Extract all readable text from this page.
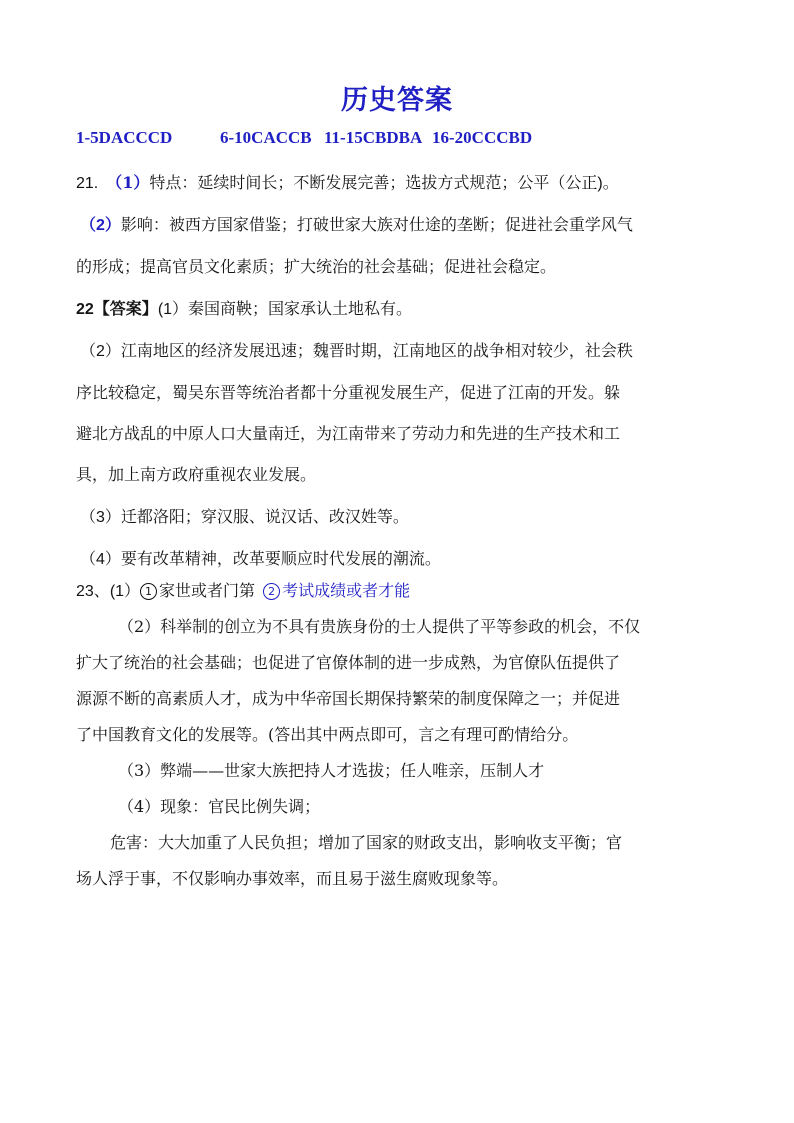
历史答案
1-5DACCCD	6-10CACCB 11-15CBDBA 16-20CCCBD
21. （1）特点：延续时间长；不断发展完善；选拔方式规范；公平（公正)。
（2）影响：被西方国家借鉴；打破世家大族对仕途的垄断；促进社会重学风气
的形成；提高官员文化素质；扩大统治的社会基础；促进社会稳定。
22【答案】(1）秦国商鞅；国家承认土地私有。
（2）江南地区的经济发展迅速；魏晋时期，江南地区的战争相对较少，社会秩
序比较稳定，蜀吴东晋等统治者都十分重视发展生产，促进了江南的开发。躲
避北方战乱的中原人口大量南迁，为江南带来了劳动力和先进的生产技术和工
具，加上南方政府重视农业发展。
（3）迁都洛阳；穿汉服、说汉话、改汉姓等。
（4）要有改革精神，改革要顺应时代发展的潮流。
23、(1） 1 家世或者门第 2 考试成绩或者才能
（2）科举制的创立为不具有贵族身份的士人提供了平等参政的机会，不仅
扩大了统治的社会基础；也促进了官僚体制的进一步成熟，为官僚队伍提供了
源源不断的高素质人才，成为中华帝国长期保持繁荣的制度保障之一；并促进
了中国教育文化的发展等。(答出其中两点即可，言之有理可酌情给分。
（3）弊端——世家大族把持人才选拔；任人唯亲，压制人才
（4）现象：官民比例失调；
危害：大大加重了人民负担；增加了国家的财政支出，影响收支平衡；官
场人浮于事，不仅影响办事效率，而且易于滋生腐败现象等。
